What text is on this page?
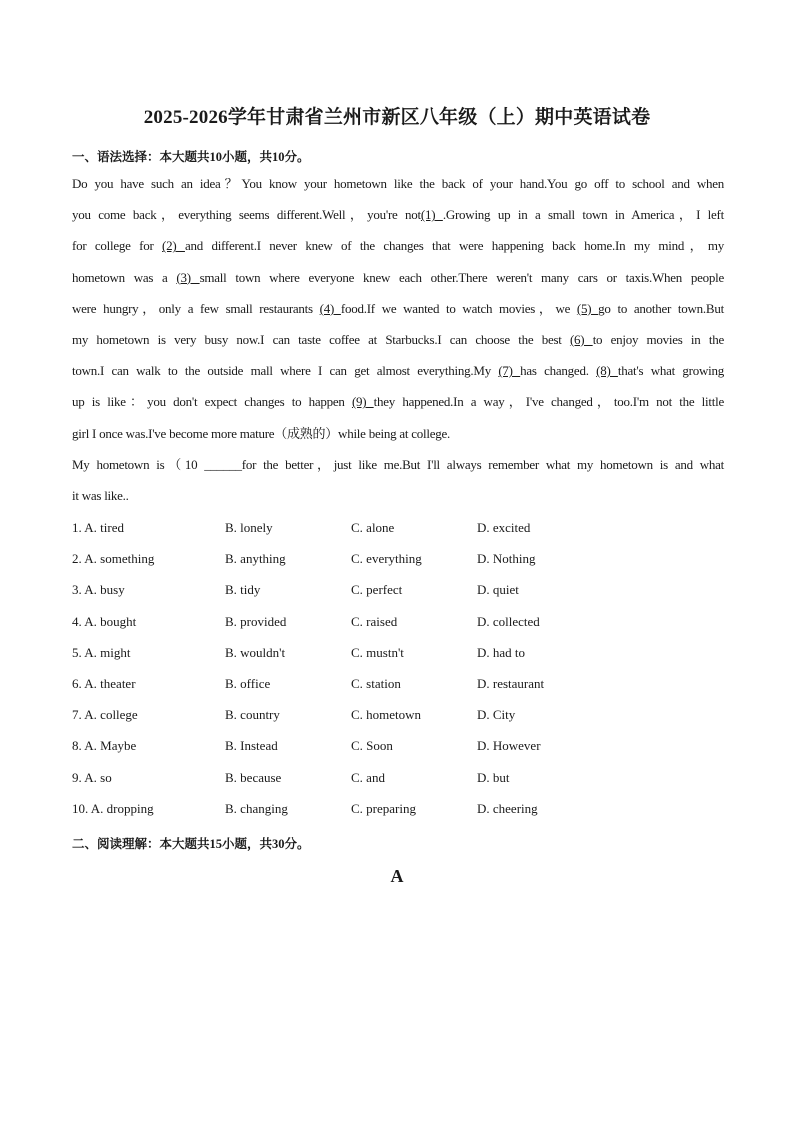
2025-2026学年甘肃省兰州市新区八年级（上）期中英语试卷
一、语法选择：本大题共10小题，共10分。
Do you have such an idea？You know your hometown like the back of your hand.You go off to school and when
you come back，everything seems different.Well，you're not(1) .Growing up in a small town in America，I left
for college for (2) and different.I never knew of the changes that were happening back home.In my mind，my
hometown was a (3) small town where everyone knew each other.There weren't many cars or taxis.When people
were hungry，only a few small restaurants (4) food.If we wanted to watch movies，we (5) go to another town.But
my hometown is very busy now.I can taste coffee at Starbucks.I can choose the best (6) to enjoy movies in the
town.I can walk to the outside mall where I can get almost everything.My (7) has changed. (8) that's what growing
up is like：you don't expect changes to happen (9) they happened.In a way，I've changed，too.I'm not the little
girl I once was.I've become more mature（成熟的）while being at college.
My hometown is（10 ______for the better，just like me.But I'll always remember what my hometown is and what
it was like..
1. A. tired	B. lonely	C. alone	D. excited
2. A. something	B. anything	C. everything	D. Nothing
3. A. busy	B. tidy	C. perfect	D. quiet
4. A. bought	B. provided	C. raised	D. collected
5. A. might	B. wouldn't	C. mustn't	D. had to
6. A. theater	B. office	C. station	D. restaurant
7. A. college	B. country	C. hometown	D. City
8. A. Maybe	B. Instead	C. Soon	D. However
9. A. so	B. because	C. and	D. but
10. A. dropping	B. changing	C. preparing	D. cheering
二、阅读理解：本大题共15小题，共30分。
A
